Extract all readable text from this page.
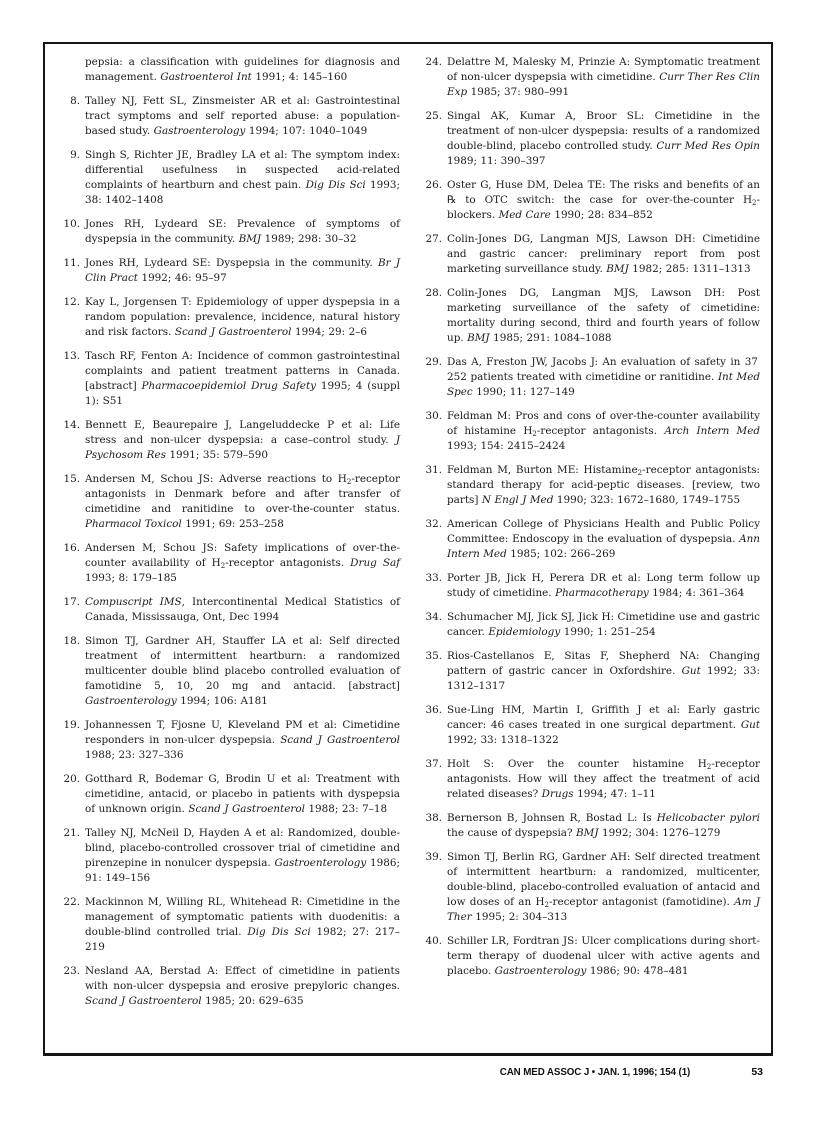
pepsia: a classification with guidelines for diagnosis and management. Gastroenterol Int 1991; 4: 145–160
8. Talley NJ, Fett SL, Zinsmeister AR et al: Gastrointestinal tract symptoms and self reported abuse: a population-based study. Gastroenterology 1994; 107: 1040–1049
9. Singh S, Richter JE, Bradley LA et al: The symptom index: differential usefulness in suspected acid-related complaints of heartburn and chest pain. Dig Dis Sci 1993; 38: 1402–1408
10. Jones RH, Lydeard SE: Prevalence of symptoms of dyspepsia in the community. BMJ 1989; 298: 30–32
11. Jones RH, Lydeard SE: Dyspepsia in the community. Br J Clin Pract 1992; 46: 95–97
12. Kay L, Jorgensen T: Epidemiology of upper dyspepsia in a random population: prevalence, incidence, natural history and risk factors. Scand J Gastroenterol 1994; 29: 2–6
13. Tasch RF, Fenton A: Incidence of common gastrointestinal complaints and patient treatment patterns in Canada. [abstract] Pharmacoepidemiol Drug Safety 1995; 4 (suppl 1): S51
14. Bennett E, Beaurepaire J, Langeluddecke P et al: Life stress and non-ulcer dyspepsia: a case–control study. J Psychosom Res 1991; 35: 579–590
15. Andersen M, Schou JS: Adverse reactions to $H_2$-receptor antagonists in Denmark before and after transfer of cimetidine and ranitidine to over-the-counter status. Pharmacol Toxicol 1991; 69: 253–258
16. Andersen M, Schou JS: Safety implications of over-the-counter availability of $H_2$-receptor antagonists. Drug Saf 1993; 8: 179–185
17. Compuscript IMS, Intercontinental Medical Statistics of Canada, Mississauga, Ont, Dec 1994
18. Simon TJ, Gardner AH, Stauffer LA et al: Self directed treatment of intermittent heartburn: a randomized multicenter double blind placebo controlled evaluation of famotidine 5, 10, 20 mg and antacid. [abstract] Gastroenterology 1994; 106: A181
19. Johannessen T, Fjosne U, Kleveland PM et al: Cimetidine responders in non-ulcer dyspepsia. Scand J Gastroenterol 1988; 23: 327–336
20. Gotthard R, Bodemar G, Brodin U et al: Treatment with cimetidine, antacid, or placebo in patients with dyspepsia of unknown origin. Scand J Gastroenterol 1988; 23: 7–18
21. Talley NJ, McNeil D, Hayden A et al: Randomized, double-blind, placebo-controlled crossover trial of cimetidine and pirenzepine in nonulcer dyspepsia. Gastroenterology 1986; 91: 149–156
22. Mackinnon M, Willing RL, Whitehead R: Cimetidine in the management of symptomatic patients with duodenitis: a double-blind controlled trial. Dig Dis Sci 1982; 27: 217–219
23. Nesland AA, Berstad A: Effect of cimetidine in patients with non-ulcer dyspepsia and erosive prepyloric changes. Scand J Gastroenterol 1985; 20: 629–635
24. Delattre M, Malesky M, Prinzie A: Symptomatic treatment of non-ulcer dyspepsia with cimetidine. Curr Ther Res Clin Exp 1985; 37: 980–991
25. Singal AK, Kumar A, Broor SL: Cimetidine in the treatment of non-ulcer dyspepsia: results of a randomized double-blind, placebo controlled study. Curr Med Res Opin 1989; 11: 390–397
26. Oster G, Huse DM, Delea TE: The risks and benefits of an ℞ to OTC switch: the case for over-the-counter $H_2$-blockers. Med Care 1990; 28: 834–852
27. Colin-Jones DG, Langman MJS, Lawson DH: Cimetidine and gastric cancer: preliminary report from post marketing surveillance study. BMJ 1982; 285: 1311–1313
28. Colin-Jones DG, Langman MJS, Lawson DH: Post marketing surveillance of the safety of cimetidine: mortality during second, third and fourth years of follow up. BMJ 1985; 291: 1084–1088
29. Das A, Freston JW, Jacobs J: An evaluation of safety in 37 252 patients treated with cimetidine or ranitidine. Int Med Spec 1990; 11: 127–149
30. Feldman M: Pros and cons of over-the-counter availability of histamine $H_2$-receptor antagonists. Arch Intern Med 1993; 154: 2415–2424
31. Feldman M, Burton ME: Histamine$_2$-receptor antagonists: standard therapy for acid-peptic diseases. [review, two parts] N Engl J Med 1990; 323: 1672–1680, 1749–1755
32. American College of Physicians Health and Public Policy Committee: Endoscopy in the evaluation of dyspepsia. Ann Intern Med 1985; 102: 266–269
33. Porter JB, Jick H, Perera DR et al: Long term follow up study of cimetidine. Pharmacotherapy 1984; 4: 361–364
34. Schumacher MJ, Jick SJ, Jick H: Cimetidine use and gastric cancer. Epidemiology 1990; 1: 251–254
35. Rios-Castellanos E, Sitas F, Shepherd NA: Changing pattern of gastric cancer in Oxfordshire. Gut 1992; 33: 1312–1317
36. Sue-Ling HM, Martin I, Griffith J et al: Early gastric cancer: 46 cases treated in one surgical department. Gut 1992; 33: 1318–1322
37. Holt S: Over the counter histamine $H_2$-receptor antagonists. How will they affect the treatment of acid related diseases? Drugs 1994; 47: 1–11
38. Bernerson B, Johnsen R, Bostad L: Is Helicobacter pylori the cause of dyspepsia? BMJ 1992; 304: 1276–1279
39. Simon TJ, Berlin RG, Gardner AH: Self directed treatment of intermittent heartburn: a randomized, multicenter, double-blind, placebo-controlled evaluation of antacid and low doses of an $H_2$-receptor antagonist (famotidine). Am J Ther 1995; 2: 304–313
40. Schiller LR, Fordtran JS: Ulcer complications during short-term therapy of duodenal ulcer with active agents and placebo. Gastroenterology 1986; 90: 478–481
CAN MED ASSOC J • JAN. 1, 1996; 154 (1)	53
